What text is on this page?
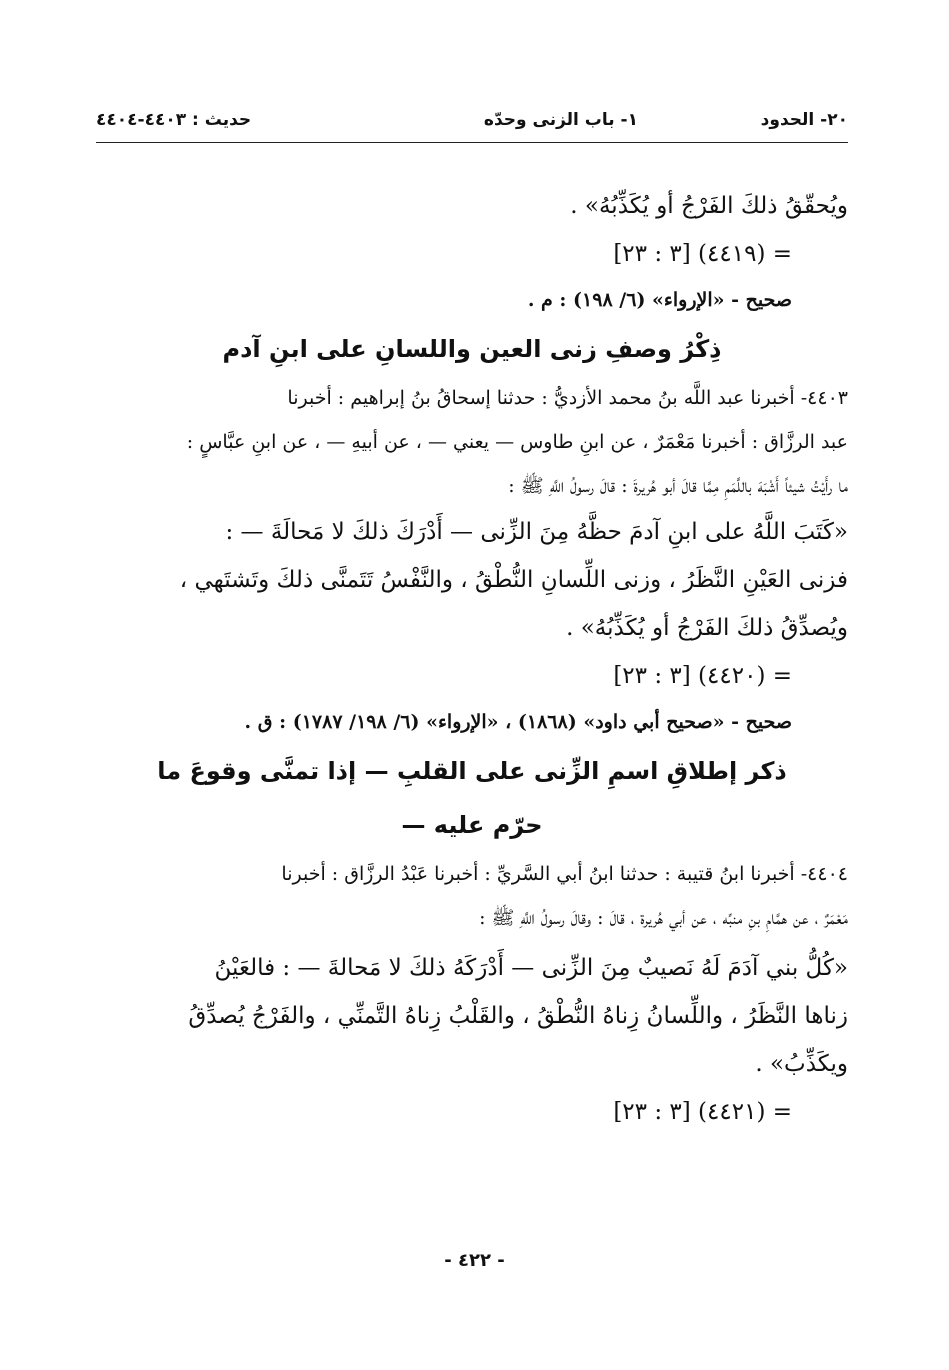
٢٠- الحدود
١- باب الزنى وحدّه
حديث : ٤٤٠٣-٤٤٠٤
ويُحقّقُ ذلكَ الفَرْجُ أو يُكَذِّبُهُ» .
= (٤٤١٩) [٣ : ٢٣]
صحيح - «الإرواء» (٦/ ١٩٨) : م .
ذِكْرُ وصفِ زنى العين واللسانِ على ابنِ آدم
٤٤٠٣- أخبرنا عبد اللَّه بنُ محمد الأزديُّ : حدثنا إسحاقُ بنُ إبراهيم : أخبرنا
عبد الرزَّاق : أخبرنا مَعْمَرٌ ، عن ابنِ طاوس — يعني — ، عن أبيهِ — ، عن ابنِ عبَّاسٍ :
ما رأَيْتُ شيئاً أَشْبَهَ باللَّمَمِ مِمَّا قالَ أبو هُريرةَ : قالَ رسولُ اللَّهِ ﷺ :
«كَتَبَ اللَّهُ على ابنِ آدمَ حظَّهُ مِنَ الزِّنى — أَدْرَكَ ذلكَ لا مَحالَةَ — :
فزنى العَيْنِ النَّظَرُ ، وزنى اللِّسانِ النُّطْقُ ، والنَّفْسُ تَتَمنَّى ذلكَ وتَشتَهي ،
ويُصدِّقُ ذلكَ الفَرْجُ أو يُكَذِّبُهُ» .
= (٤٤٢٠) [٣ : ٢٣]
صحيح - «صحيح أبي داود» (١٨٦٨) ، «الإرواء» (٦/ ١٩٨/ ١٧٨٧) : ق .
ذكر إطلاقِ اسمِ الزِّنى على القلبِ — إذا تمنَّى وقوعَ ما
حرّم عليه —
٤٤٠٤- أخبرنا ابنُ قتيبة : حدثنا ابنُ أبي السَّريِّ : أخبرنا عَبْدُ الرزَّاق : أخبرنا
مَعْمَرٌ ، عن همَّامِ بنِ منبِّه ، عن أبي هُريرة ، قالَ : وقالَ رسولُ اللَّهِ ﷺ :
«كُلُّ بني آدَمَ لَهُ نَصيبٌ مِنَ الزِّنى — أَدْرَكَهُ ذلكَ لا مَحالةَ — : فالعَيْنُ
زناها النَّظَرُ ، واللِّسانُ زِناهُ النُّطْقُ ، والقَلْبُ زِناهُ التَّمنِّي ، والفَرْجُ يُصدِّقُ
ويكَذِّبُ» .
= (٤٤٢١) [٣ : ٢٣]
- ٤٢٢ -
